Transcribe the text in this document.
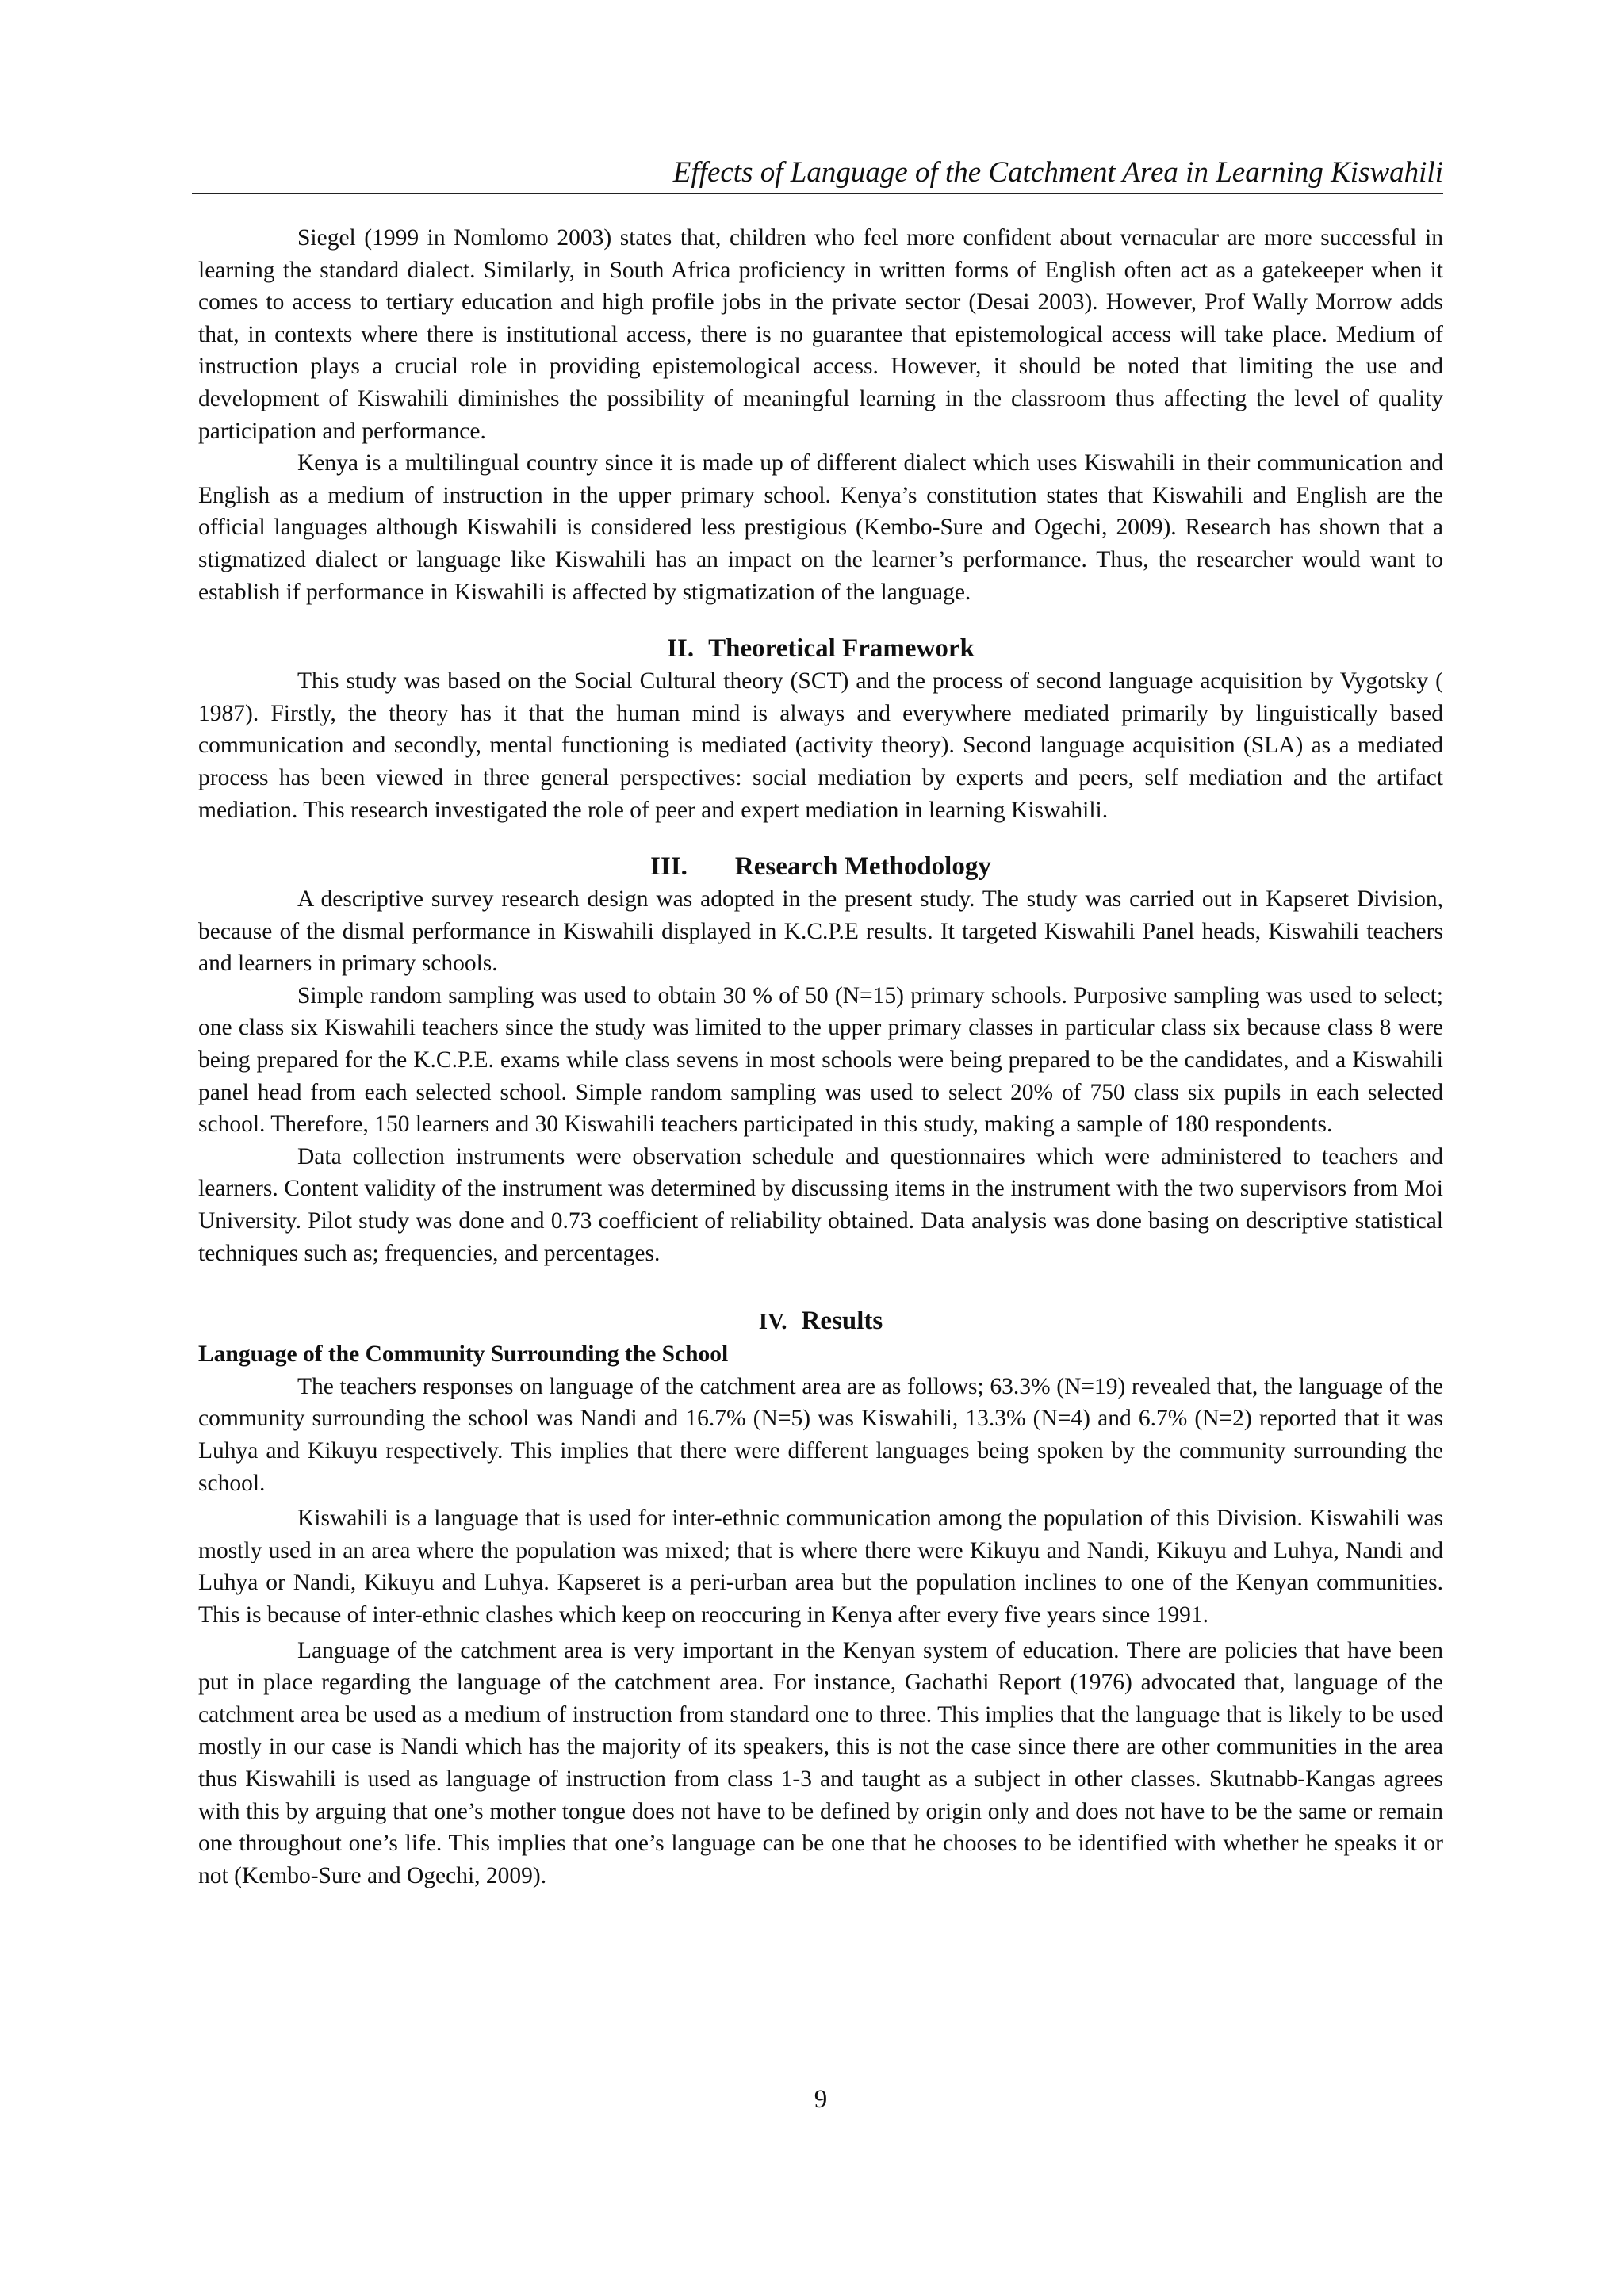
Effects of Language of the Catchment Area in Learning Kiswahili

Siegel (1999 in Nomlomo 2003) states that, children who feel more confident about vernacular are more successful in learning the standard dialect. Similarly, in South Africa proficiency in written forms of English often act as a gatekeeper when it comes to access to tertiary education and high profile jobs in the private sector (Desai 2003). However, Prof Wally Morrow adds that, in contexts where there is institutional access, there is no guarantee that epistemological access will take place. Medium of instruction plays a crucial role in providing epistemological access. However, it should be noted that limiting the use and development of Kiswahili diminishes the possibility of meaningful learning in the classroom thus affecting the level of quality participation and performance.

Kenya is a multilingual country since it is made up of different dialect which uses Kiswahili in their communication and English as a medium of instruction in the upper primary school. Kenya’s constitution states that Kiswahili and English are the official languages although Kiswahili is considered less prestigious (Kembo-Sure and Ogechi, 2009). Research has shown that a stigmatized dialect or language like Kiswahili has an impact on the learner’s performance. Thus, the researcher would want to establish if performance in Kiswahili is affected by stigmatization of the language.

II. Theoretical Framework

This study was based on the Social Cultural theory (SCT) and the process of second language acquisition by Vygotsky ( 1987). Firstly, the theory has it that the human mind is always and everywhere mediated primarily by linguistically based communication and secondly, mental functioning is mediated (activity theory). Second language acquisition (SLA) as a mediated process has been viewed in three general perspectives: social mediation by experts and peers, self mediation and the artifact mediation. This research investigated the role of peer and expert mediation in learning Kiswahili.

III. Research Methodology

A descriptive survey research design was adopted in the present study. The study was carried out in Kapseret Division, because of the dismal performance in Kiswahili displayed in K.C.P.E results. It targeted Kiswahili Panel heads, Kiswahili teachers and learners in primary schools.

Simple random sampling was used to obtain 30 % of 50 (N=15) primary schools. Purposive sampling was used to select; one class six Kiswahili teachers since the study was limited to the upper primary classes in particular class six because class 8 were being prepared for the K.C.P.E. exams while class sevens in most schools were being prepared to be the candidates, and a Kiswahili panel head from each selected school. Simple random sampling was used to select 20% of 750 class six pupils in each selected school. Therefore, 150 learners and 30 Kiswahili teachers participated in this study, making a sample of 180 respondents.

Data collection instruments were observation schedule and questionnaires which were administered to teachers and learners. Content validity of the instrument was determined by discussing items in the instrument with the two supervisors from Moi University. Pilot study was done and 0.73 coefficient of reliability obtained. Data analysis was done basing on descriptive statistical techniques such as; frequencies, and percentages.

IV. Results
Language of the Community Surrounding the School

The teachers responses on language of the catchment area are as follows; 63.3% (N=19) revealed that, the language of the community surrounding the school was Nandi and 16.7% (N=5) was Kiswahili, 13.3% (N=4) and 6.7% (N=2) reported that it was Luhya and Kikuyu respectively. This implies that there were different languages being spoken by the community surrounding the school.

Kiswahili is a language that is used for inter-ethnic communication among the population of this Division. Kiswahili was mostly used in an area where the population was mixed; that is where there were Kikuyu and Nandi, Kikuyu and Luhya, Nandi and Luhya or Nandi, Kikuyu and Luhya. Kapseret is a peri-urban area but the population inclines to one of the Kenyan communities. This is because of inter-ethnic clashes which keep on reoccuring in Kenya after every five years since 1991.

Language of the catchment area is very important in the Kenyan system of education. There are policies that have been put in place regarding the language of the catchment area. For instance, Gachathi Report (1976) advocated that, language of the catchment area be used as a medium of instruction from standard one to three. This implies that the language that is likely to be used mostly in our case is Nandi which has the majority of its speakers, this is not the case since there are other communities in the area thus Kiswahili is used as language of instruction from class 1-3 and taught as a subject in other classes. Skutnabb-Kangas agrees with this by arguing that one’s mother tongue does not have to be defined by origin only and does not have to be the same or remain one throughout one’s life. This implies that one’s language can be one that he chooses to be identified with whether he speaks it or not (Kembo-Sure and Ogechi, 2009).

9
